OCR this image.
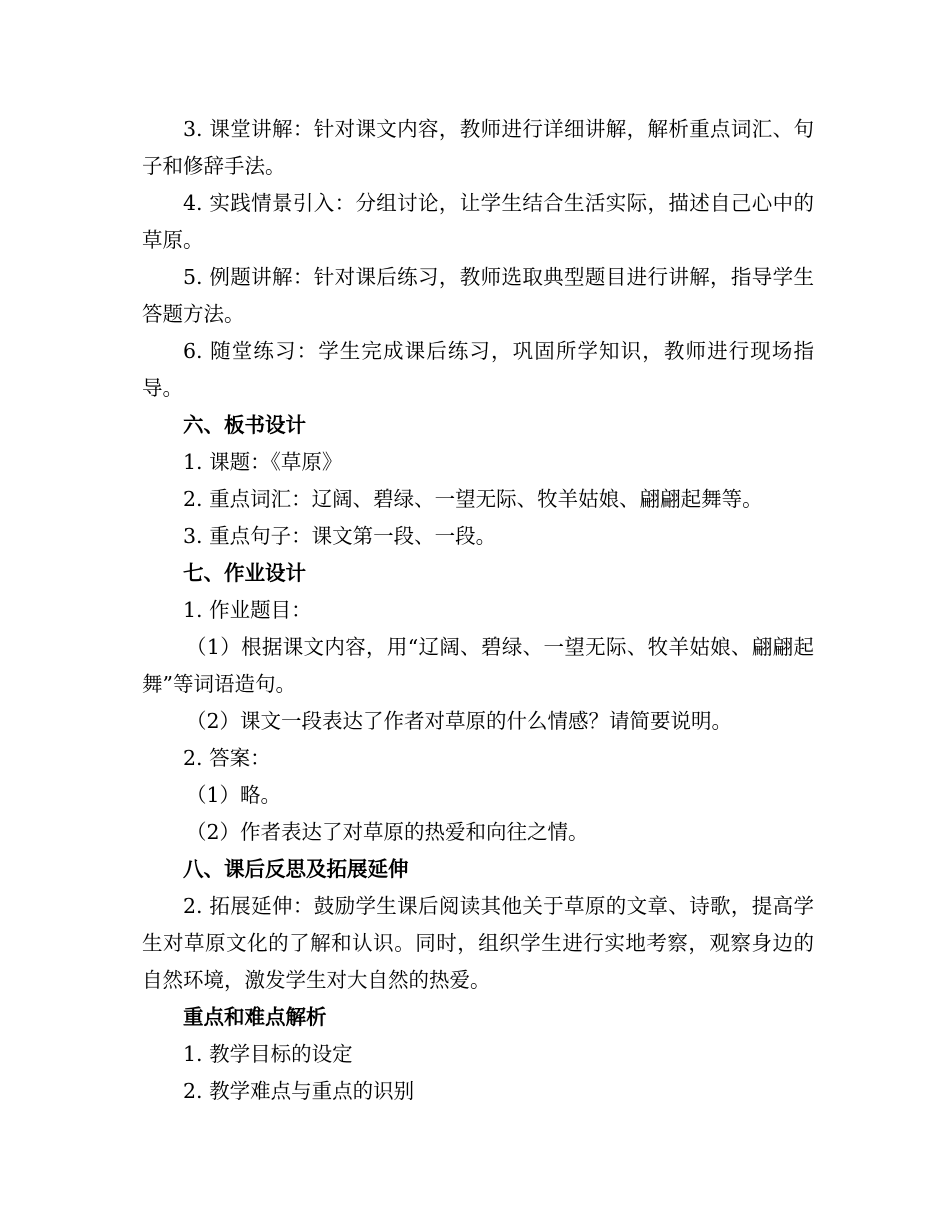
3. 课堂讲解：针对课文内容，教师进行详细讲解，解析重点词汇、句子和修辞手法。

4. 实践情景引入：分组讨论，让学生结合生活实际，描述自己心中的草原。

5. 例题讲解：针对课后练习，教师选取典型题目进行讲解，指导学生答题方法。

6. 随堂练习：学生完成课后练习，巩固所学知识，教师进行现场指导。

六、板书设计

1. 课题：《草原》

2. 重点词汇：辽阔、碧绿、一望无际、牧羊姑娘、翩翩起舞等。

3. 重点句子：课文第一段、一段。

七、作业设计

1. 作业题目：

（1）根据课文内容，用“辽阔、碧绿、一望无际、牧羊姑娘、翩翩起舞”等词语造句。

（2）课文一段表达了作者对草原的什么情感？请简要说明。

2. 答案：

（1）略。

（2）作者表达了对草原的热爱和向往之情。

八、课后反思及拓展延伸

2. 拓展延伸：鼓励学生课后阅读其他关于草原的文章、诗歌，提高学生对草原文化的了解和认识。同时，组织学生进行实地考察，观察身边的自然环境，激发学生对大自然的热爱。

重点和难点解析

1. 教学目标的设定

2. 教学难点与重点的识别
